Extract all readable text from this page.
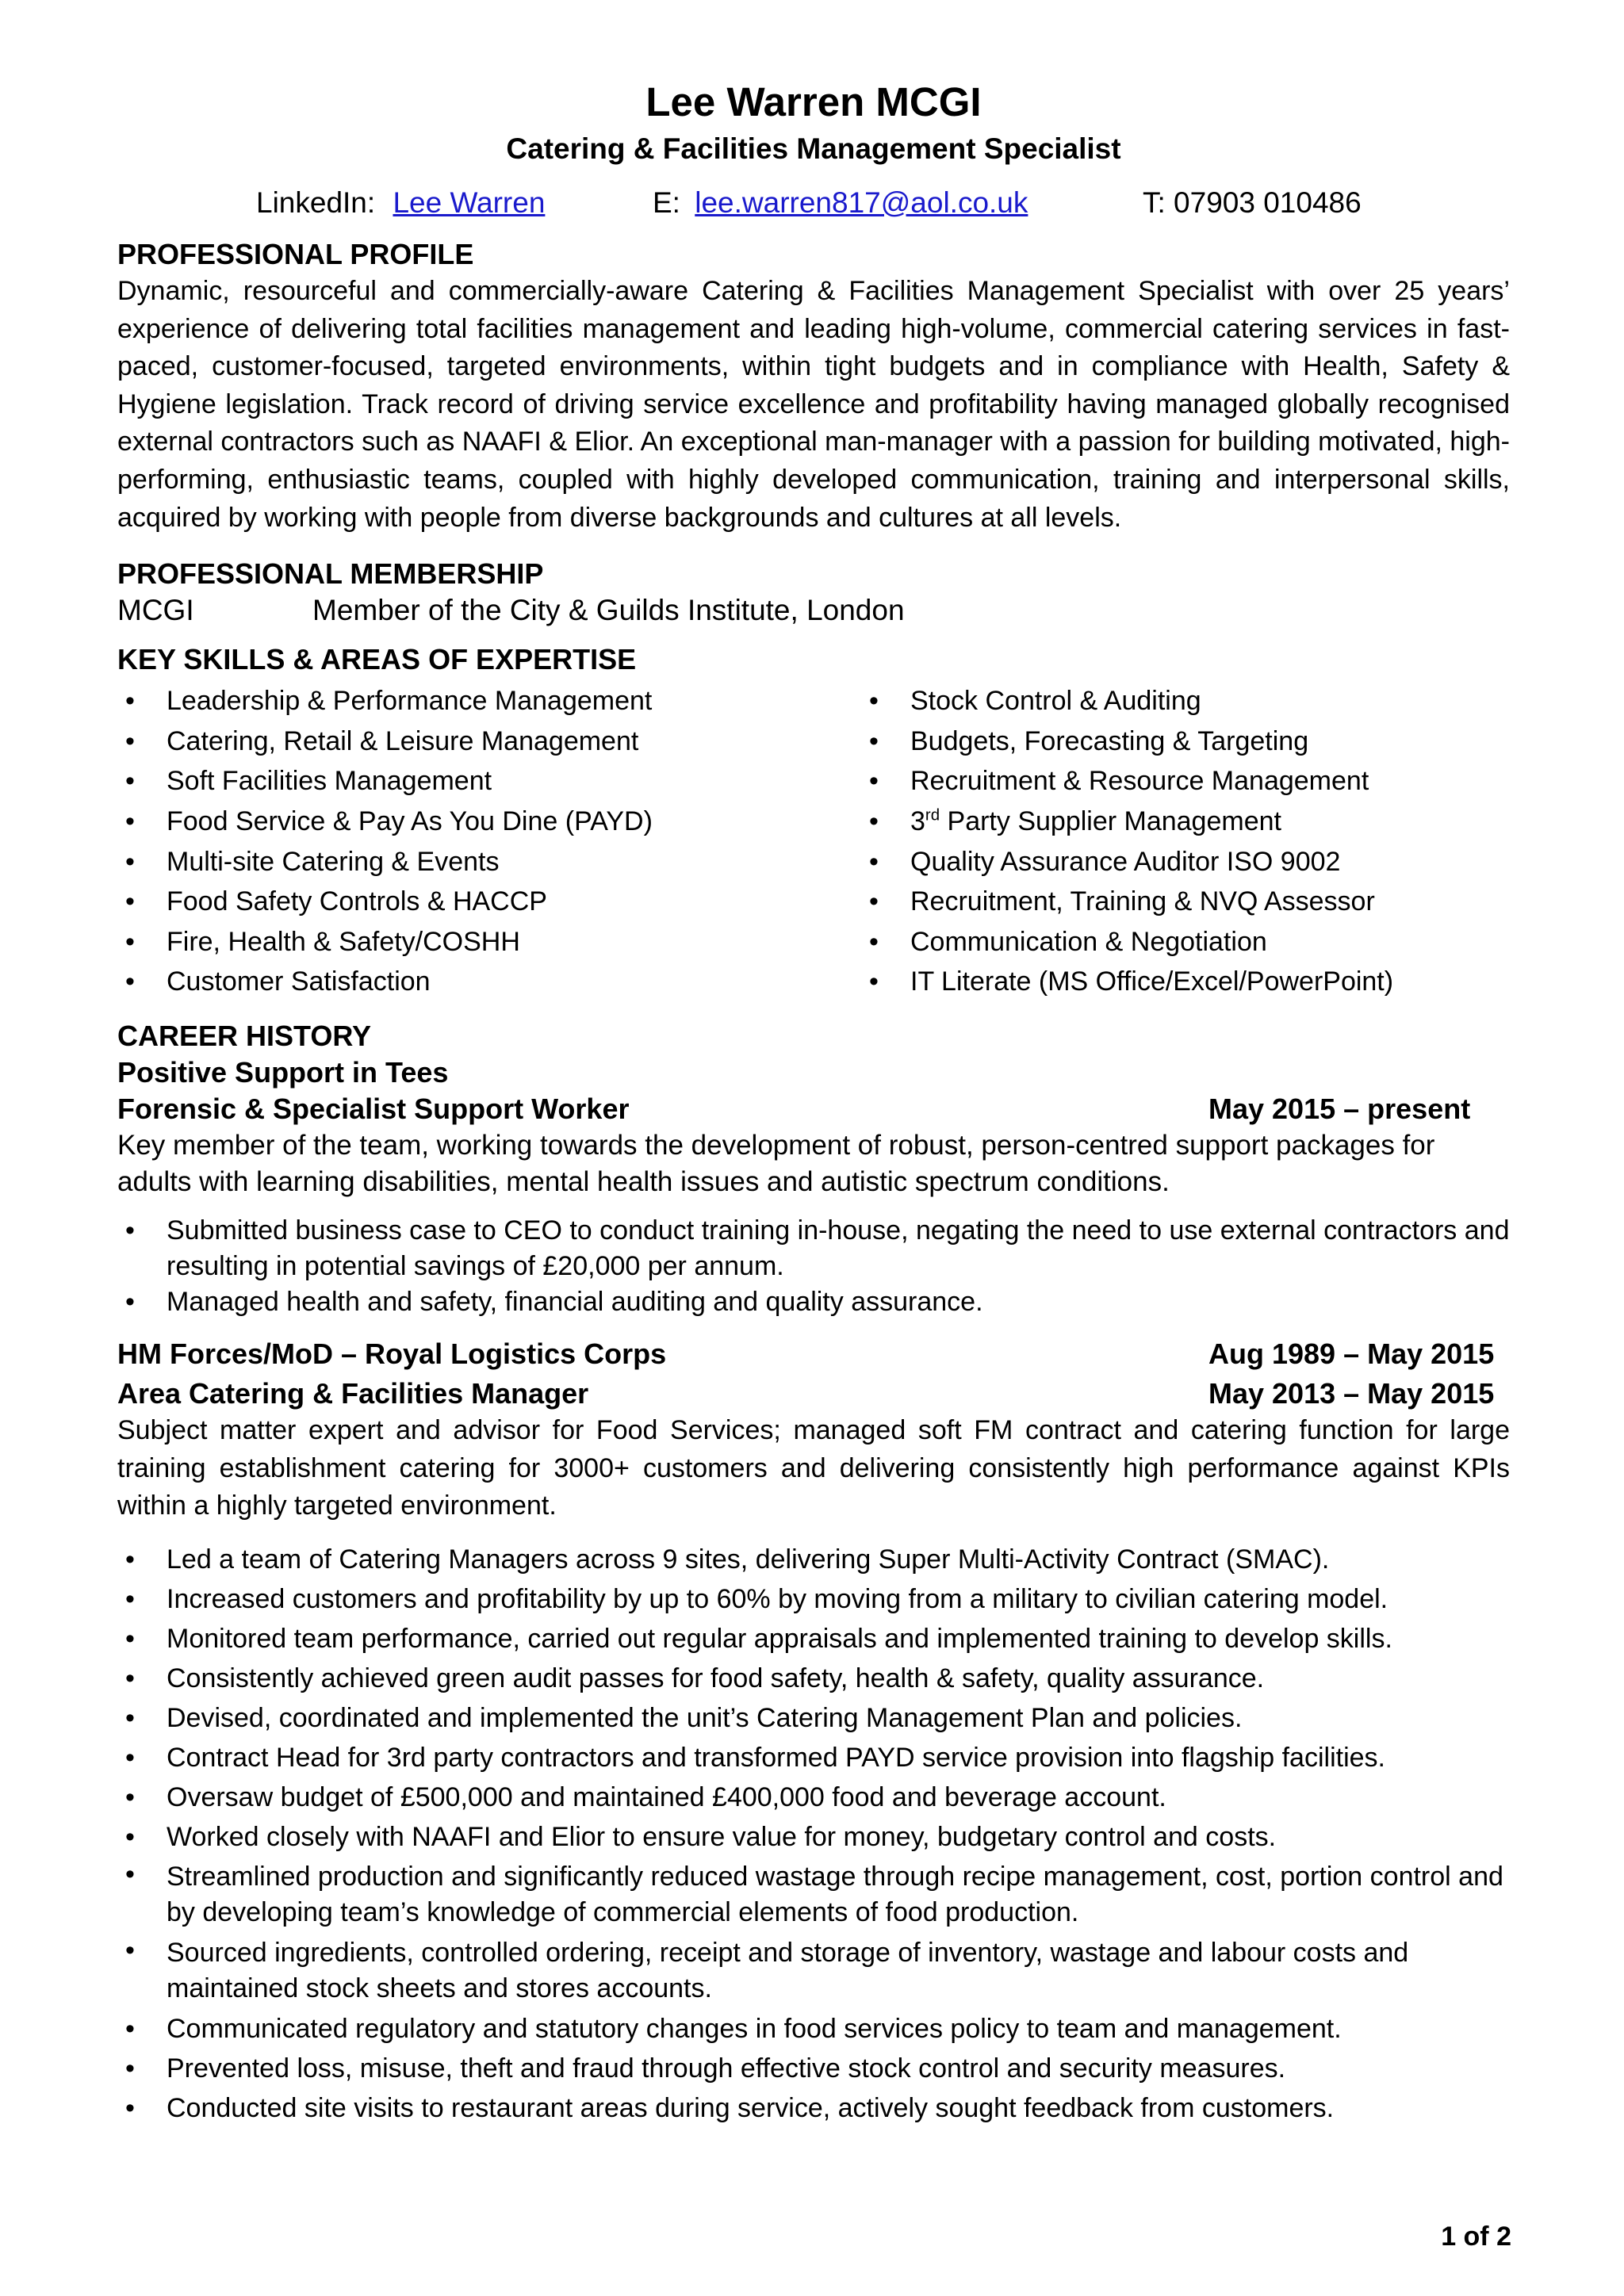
Lee Warren MCGI
Catering & Facilities Management Specialist
LinkedIn: Lee Warren	E: lee.warren817@aol.co.uk	T: 07903 010486
PROFESSIONAL PROFILE
Dynamic, resourceful and commercially-aware Catering & Facilities Management Specialist with over 25 years’ experience of delivering total facilities management and leading high-volume, commercial catering services in fast-paced, customer-focused, targeted environments, within tight budgets and in compliance with Health, Safety & Hygiene legislation. Track record of driving service excellence and profitability having managed globally recognised external contractors such as NAAFI & Elior. An exceptional man-manager with a passion for building motivated, high-performing, enthusiastic teams, coupled with highly developed communication, training and interpersonal skills, acquired by working with people from diverse backgrounds and cultures at all levels.
PROFESSIONAL MEMBERSHIP
MCGI	Member of the City & Guilds Institute, London
KEY SKILLS & AREAS OF EXPERTISE
• Leadership & Performance Management
• Catering, Retail & Leisure Management
• Soft Facilities Management
• Food Service & Pay As You Dine (PAYD)
• Multi-site Catering & Events
• Food Safety Controls & HACCP
• Fire, Health & Safety/COSHH
• Customer Satisfaction
• Stock Control & Auditing
• Budgets, Forecasting & Targeting
• Recruitment & Resource Management
• 3rd Party Supplier Management
• Quality Assurance Auditor ISO 9002
• Recruitment, Training & NVQ Assessor
• Communication & Negotiation
• IT Literate (MS Office/Excel/PowerPoint)
CAREER HISTORY
Positive Support in Tees
Forensic & Specialist Support Worker	May 2015 – present
Key member of the team, working towards the development of robust, person-centred support packages for adults with learning disabilities, mental health issues and autistic spectrum conditions.
• Submitted business case to CEO to conduct training in-house, negating the need to use external contractors and resulting in potential savings of £20,000 per annum.
• Managed health and safety, financial auditing and quality assurance.
HM Forces/MoD – Royal Logistics Corps	Aug 1989 – May 2015
Area Catering & Facilities Manager	May 2013 – May 2015
Subject matter expert and advisor for Food Services; managed soft FM contract and catering function for large training establishment catering for 3000+ customers and delivering consistently high performance against KPIs within a highly targeted environment.
• Led a team of Catering Managers across 9 sites, delivering Super Multi-Activity Contract (SMAC).
• Increased customers and profitability by up to 60% by moving from a military to civilian catering model.
• Monitored team performance, carried out regular appraisals and implemented training to develop skills.
• Consistently achieved green audit passes for food safety, health & safety, quality assurance.
• Devised, coordinated and implemented the unit’s Catering Management Plan and policies.
• Contract Head for 3rd party contractors and transformed PAYD service provision into flagship facilities.
• Oversaw budget of £500,000 and maintained £400,000 food and beverage account.
• Worked closely with NAAFI and Elior to ensure value for money, budgetary control and costs.
• Streamlined production and significantly reduced wastage through recipe management, cost, portion control and by developing team’s knowledge of commercial elements of food production.
• Sourced ingredients, controlled ordering, receipt and storage of inventory, wastage and labour costs and maintained stock sheets and stores accounts.
• Communicated regulatory and statutory changes in food services policy to team and management.
• Prevented loss, misuse, theft and fraud through effective stock control and security measures.
• Conducted site visits to restaurant areas during service, actively sought feedback from customers.
1 of 2
